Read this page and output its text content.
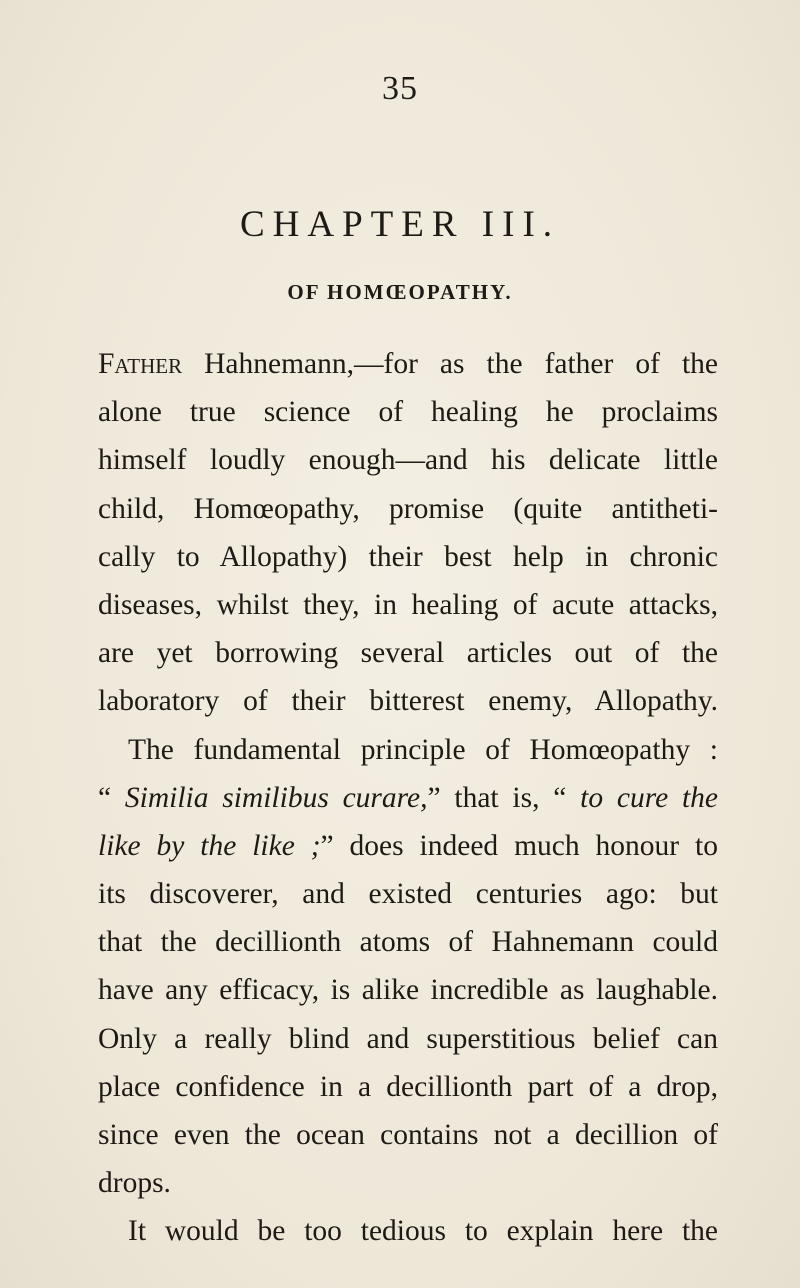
35
CHAPTER III.
OF HOMŒOPATHY.
Father Hahnemann,—for as the father of the
alone true science of healing he proclaims
himself loudly enough—and his delicate little
child, Homœopathy, promise (quite antitheti-
cally to Allopathy) their best help in chronic
diseases, whilst they, in healing of acute attacks,
are yet borrowing several articles out of the
laboratory of their bitterest enemy, Allopathy.
The fundamental principle of Homœopathy :
“ Similia similibus curare,” that is, “ to cure the
like by the like ;” does indeed much honour to
its discoverer, and existed centuries ago: but
that the decillionth atoms of Hahnemann could
have any efficacy, is alike incredible as laughable.
Only a really blind and superstitious belief can
place confidence in a decillionth part of a drop,
since even the ocean contains not a decillion of
drops.
It would be too tedious to explain here the
